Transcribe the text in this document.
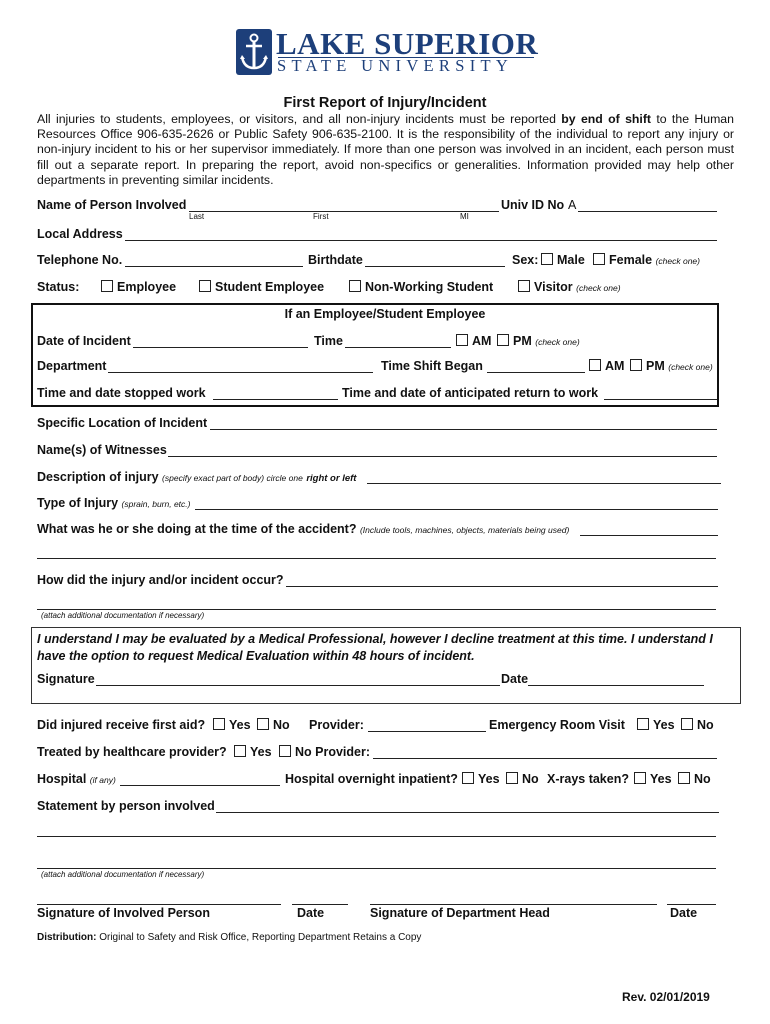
LAKE SUPERIOR
STATE UNIVERSITY
First Report of Injury/Incident
All injuries to students, employees, or visitors, and all non-injury incidents must be reported by end of shift to the Human Resources Office 906-635-2626 or Public Safety 906-635-2100. It is the responsibility of the individual to report any injury or non-injury incident to his or her supervisor immediately. If more than one person was involved in an incident, each person must fill out a separate report. In preparing the report, avoid non-specifics or generalities. Information provided may help other departments in preventing similar incidents.
Name of Person Involved	Univ ID No A
Last	First	MI
Local Address
Telephone No.	Birthdate	Sex:	Male	Female (check one)
Status:	Employee	Student Employee	Non-Working Student	Visitor (check one)
If an Employee/Student Employee
Date of Incident	Time	AM	PM (check one)
Department	Time Shift Began	AM	PM (check one)
Time and date stopped work	Time and date of anticipated return to work
Specific Location of Incident
Name(s) of Witnesses
Description of injury (specify exact part of body) circle one right or left
Type of Injury (sprain, burn, etc.)
What was he or she doing at the time of the accident? (Include tools, machines, objects, materials being used)
How did the injury and/or incident occur?
(attach additional documentation if necessary)
I understand I may be evaluated by a Medical Professional, however I decline treatment at this time. I understand I have the option to request Medical Evaluation within 48 hours of incident.
Signature	Date
Did injured receive first aid?	Yes	No Provider:	Emergency Room Visit	Yes	No
Treated by healthcare provider?	Yes	No Provider:
Hospital (if any)	Hospital overnight inpatient?	Yes	No X-rays taken?	Yes	No
Statement by person involved
(attach additional documentation if necessary)
Signature of Involved Person	Date	Signature of Department Head	Date
Distribution: Original to Safety and Risk Office, Reporting Department Retains a Copy
Rev. 02/01/2019
